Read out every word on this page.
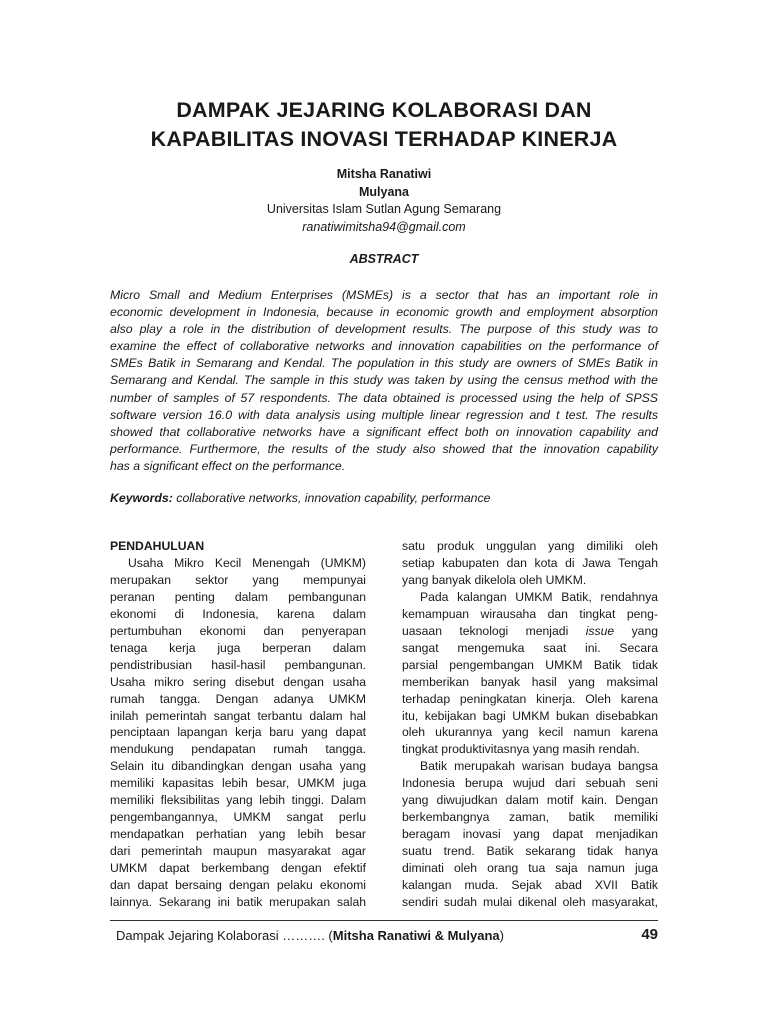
DAMPAK JEJARING KOLABORASI DAN
KAPABILITAS INOVASI TERHADAP KINERJA
Mitsha Ranatiwi
Mulyana
Universitas Islam Sutlan Agung Semarang
ranatiwimitsha94@gmail.com
ABSTRACT
Micro Small and Medium Enterprises (MSMEs) is a sector that has an important role in
economic development in Indonesia, because in economic growth and employment absorption
also play a role in the distribution of development results. The purpose of this study was to
examine the effect of collaborative networks and innovation capabilities on the performance of
SMEs Batik in Semarang and Kendal. The population in this study are owners of SMEs Batik in
Semarang and Kendal. The sample in this study was taken by using the census method with the
number of samples of 57 respondents. The data obtained is processed using the help of SPSS
software version 16.0 with data analysis using multiple linear regression and t test. The results
showed that collaborative networks have a significant effect both on innovation capability and
performance. Furthermore, the results of the study also showed that the innovation capability
has a significant effect on the performance.
Keywords: collaborative networks, innovation capability, performance
PENDAHULUAN
Usaha Mikro Kecil Menengah (UMKM)
merupakan sektor yang mempunyai
peranan penting dalam pembangunan
ekonomi di Indonesia, karena dalam
pertumbuhan ekonomi dan penyerapan
tenaga kerja juga berperan dalam
pendistribusian hasil-hasil pembangunan.
Usaha mikro sering disebut dengan usaha
rumah tangga. Dengan adanya UMKM
inilah pemerintah sangat terbantu dalam hal
penciptaan lapangan kerja baru yang dapat
mendukung pendapatan rumah tangga.
Selain itu dibandingkan dengan usaha yang
memiliki kapasitas lebih besar, UMKM juga
memiliki fleksibilitas yang lebih tinggi. Dalam
pengembangannya, UMKM sangat perlu
mendapatkan perhatian yang lebih besar
dari pemerintah maupun masyarakat agar
UMKM dapat berkembang dengan efektif
dan dapat bersaing dengan pelaku ekonomi
lainnya. Sekarang ini batik merupakan salah
satu produk unggulan yang dimiliki oleh
setiap kabupaten dan kota di Jawa Tengah
yang banyak dikelola oleh UMKM.
Pada kalangan UMKM Batik, rendahnya
kemampuan wirausaha dan tingkat peng-
uasaan teknologi menjadi issue yang
sangat mengemuka saat ini. Secara
parsial pengembangan UMKM Batik tidak
memberikan banyak hasil yang maksimal
terhadap peningkatan kinerja. Oleh karena
itu, kebijakan bagi UMKM bukan disebabkan
oleh ukurannya yang kecil namun karena
tingkat produktivitasnya yang masih rendah.
Batik merupakah warisan budaya bangsa
Indonesia berupa wujud dari sebuah seni
yang diwujudkan dalam motif kain. Dengan
berkembangnya zaman, batik memiliki
beragam inovasi yang dapat menjadikan
suatu trend. Batik sekarang tidak hanya
diminati oleh orang tua saja namun juga
kalangan muda. Sejak abad XVII Batik
sendiri sudah mulai dikenal oleh masyarakat,
Dampak Jejaring Kolaborasi ………. (Mitsha Ranatiwi & Mulyana)	49
